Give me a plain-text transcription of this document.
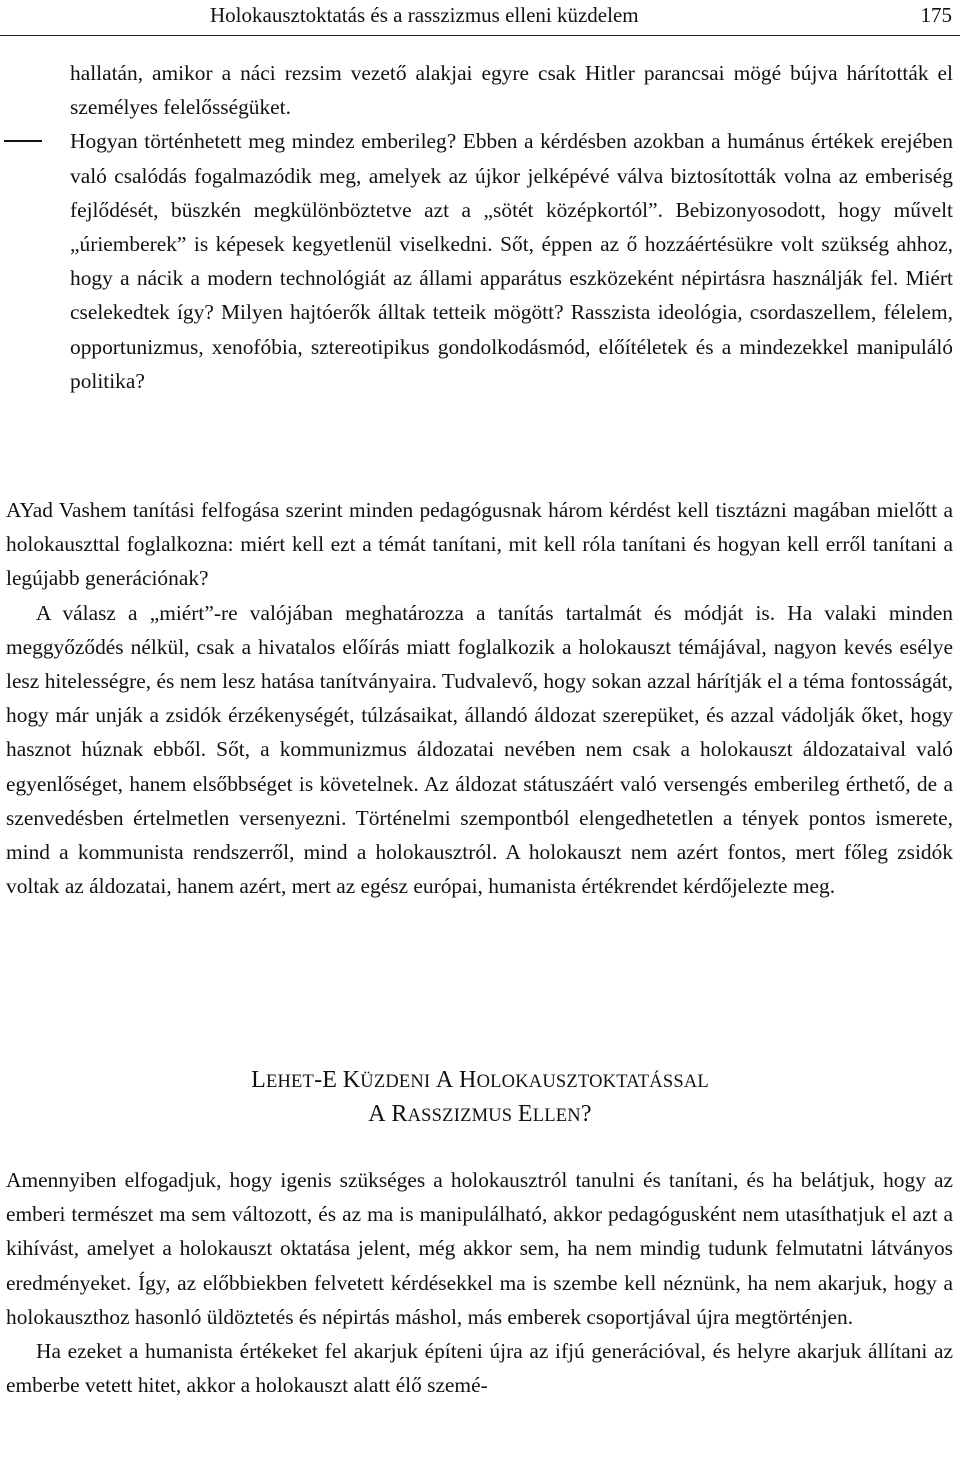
Holokausztoktatás és a rasszizmus elleni küzdelem	175

hallatán, amikor a náci rezsim vezető alakjai egyre csak Hitler parancsai mögé bújva hárították el személyes felelősségüket.

Hogyan történhetett meg mindez emberileg? Ebben a kérdésben azokban a humánus értékek erejében való csalódás fogalmazódik meg, amelyek az újkor jelképévé válva biztosították volna az emberiség fejlődését, büszkén megkülönböztetve azt a „sötét középkortól”. Bebizonyosodott, hogy művelt „úriemberek” is képesek kegyetlenül viselkedni. Sőt, éppen az ő hozzáértésükre volt szükség ahhoz, hogy a nácik a modern technológiát az állami apparátus eszközeként népirtásra használják fel. Miért cselekedtek így? Milyen hajtóerők álltak tetteik mögött? Rasszista ideológia, csordaszellem, félelem, opportunizmus, xenofóbia, sztereotipikus gondolkodásmód, előítéletek és a mindezekkel manipuláló politika?

AYad Vashem tanítási felfogása szerint minden pedagógusnak három kérdést kell tisztázni magában mielőtt a holokauszttal foglalkozna: miért kell ezt a témát tanítani, mit kell róla tanítani és hogyan kell erről tanítani a legújabb generációnak?

A válasz a „miért”-re valójában meghatározza a tanítás tartalmát és módját is. Ha valaki minden meggyőződés nélkül, csak a hivatalos előírás miatt foglalkozik a holokauszt témájával, nagyon kevés esélye lesz hitelességre, és nem lesz hatása tanítványaira. Tudvalevő, hogy sokan azzal hárítják el a téma fontosságát, hogy már unják a zsidók érzékenységét, túlzásaikat, állandó áldozat szerepüket, és azzal vádolják őket, hogy hasznot húznak ebből. Sőt, a kommunizmus áldozatai nevében nem csak a holokauszt áldozataival való egyenlőséget, hanem elsőbbséget is követelnek. Az áldozat státuszáért való versengés emberileg érthető, de a szenvedésben értelmetlen versenyezni. Történelmi szempontból elengedhetetlen a tények pontos ismerete, mind a kommunista rendszerről, mind a holokausztról. A holokauszt nem azért fontos, mert főleg zsidók voltak az áldozatai, hanem azért, mert az egész európai, humanista értékrendet kérdőjelezte meg.

LEHET-E KÜZDENI A HOLOKAUSZTOKTATÁSSAL
A RASSZIZMUS ELLEN?

Amennyiben elfogadjuk, hogy igenis szükséges a holokausztról tanulni és tanítani, és ha belátjuk, hogy az emberi természet ma sem változott, és az ma is manipulálható, akkor pedagógusként nem utasíthatjuk el azt a kihívást, amelyet a holokauszt oktatása jelent, még akkor sem, ha nem mindig tudunk felmutatni látványos eredményeket. Így, az előbbiekben felvetett kérdésekkel ma is szembe kell néznünk, ha nem akarjuk, hogy a holokauszthoz hasonló üldöztetés és népirtás máshol, más emberek csoportjával újra megtörténjen.

Ha ezeket a humanista értékeket fel akarjuk építeni újra az ifjú generációval, és helyre akarjuk állítani az emberbe vetett hitet, akkor a holokauszt alatt élő szemé-
